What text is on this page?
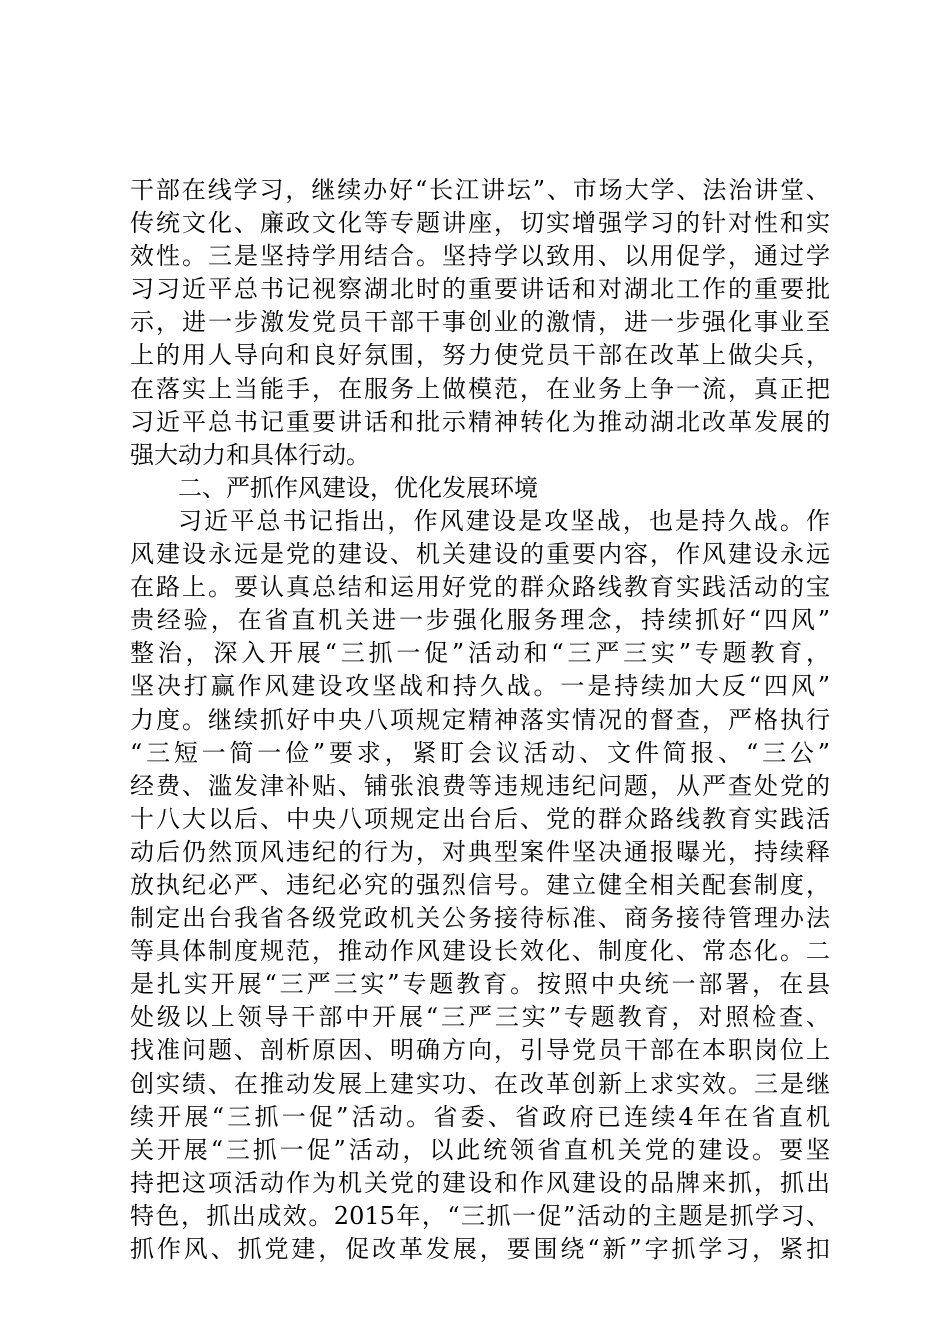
干部在线学习，继续办好“长江讲坛”、市场大学、法治讲堂、
传统文化、廉政文化等专题讲座，切实增强学习的针对性和实
效性。三是坚持学用结合。坚持学以致用、以用促学，通过学
习习近平总书记视察湖北时的重要讲话和对湖北工作的重要批
示，进一步激发党员干部干事创业的激情，进一步强化事业至
上的用人导向和良好氛围，努力使党员干部在改革上做尖兵，
在落实上当能手，在服务上做模范，在业务上争一流，真正把
习近平总书记重要讲话和批示精神转化为推动湖北改革发展的
强大动力和具体行动。
二、严抓作风建设，优化发展环境
习近平总书记指出，作风建设是攻坚战，也是持久战。作
风建设永远是党的建设、机关建设的重要内容，作风建设永远
在路上。要认真总结和运用好党的群众路线教育实践活动的宝
贵经验，在省直机关进一步强化服务理念，持续抓好“四风”
整治，深入开展“三抓一促”活动和“三严三实”专题教育，
坚决打赢作风建设攻坚战和持久战。一是持续加大反“四风”
力度。继续抓好中央八项规定精神落实情况的督查，严格执行
“三短一简一俭”要求，紧盯会议活动、文件简报、“三公”
经费、滥发津补贴、铺张浪费等违规违纪问题，从严查处党的
十八大以后、中央八项规定出台后、党的群众路线教育实践活
动后仍然顶风违纪的行为，对典型案件坚决通报曝光，持续释
放执纪必严、违纪必究的强烈信号。建立健全相关配套制度，
制定出台我省各级党政机关公务接待标准、商务接待管理办法
等具体制度规范，推动作风建设长效化、制度化、常态化。二
是扎实开展“三严三实”专题教育。按照中央统一部署，在县
处级以上领导干部中开展“三严三实”专题教育，对照检查、
找准问题、剖析原因、明确方向，引导党员干部在本职岗位上
创实绩、在推动发展上建实功、在改革创新上求实效。三是继
续开展“三抓一促”活动。省委、省政府已连续4年在省直机
关开展“三抓一促”活动，以此统领省直机关党的建设。要坚
持把这项活动作为机关党的建设和作风建设的品牌来抓，抓出
特色，抓出成效。2015年，“三抓一促”活动的主题是抓学习、
抓作风、抓党建，促改革发展，要围绕“新”字抓学习，紧扣
